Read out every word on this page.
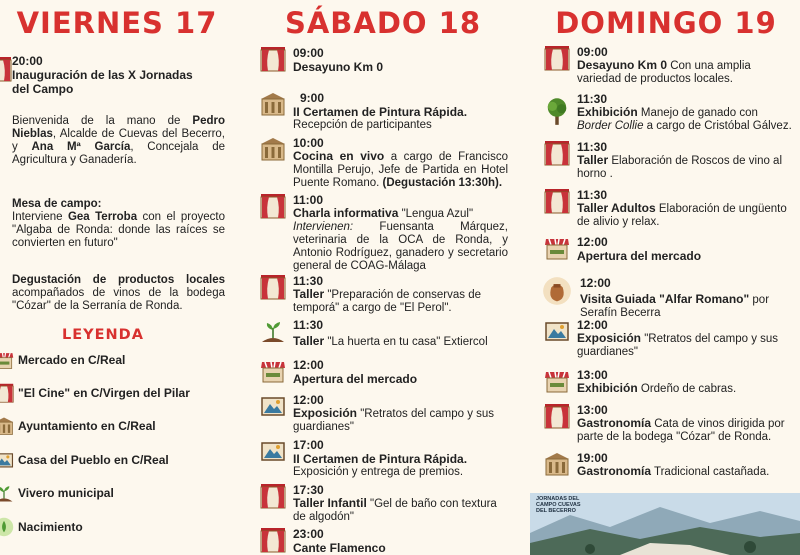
VIERNES 17
20:00
Inauguración de las X Jornadas del Campo
Bienvenida de la mano de Pedro Nieblas, Alcalde de Cuevas del Becerro, y Ana Mª García, Concejala de Agricultura y Ganadería.
Mesa de campo:
Interviene Gea Terroba con el proyecto "Algaba de Ronda: donde las raíces se convierten en futuro"
Degustación de productos locales acompañados de vinos de la bodega "Cózar" de la Serranía de Ronda.
LEYENDA
Mercado en C/Real
"El Cine" en C/Virgen del Pilar
Ayuntamiento en C/Real
Casa del Pueblo en C/Real
Vivero municipal
Nacimiento
SÁBADO 18
09:00
Desayuno Km 0
9:00
II Certamen de Pintura Rápida.
Recepción de participantes
10:00
Cocina en vivo a cargo de Francisco Montilla Perujo, Jefe de Partida en Hotel Puente Romano. (Degustación 13:30h).
11:00
Charla informativa "Lengua Azul"
Intervienen: Fuensanta Márquez, veterinaria de la OCA de Ronda, y Antonio Rodríguez, ganadero y secretario general de COAG-Málaga
11:30
Taller "Preparación de conservas de temporá" a cargo de "El Perol".
11:30
Taller "La huerta en tu casa" Extiercol
12:00
Apertura del mercado
12:00
Exposición "Retratos del campo y sus guardianes"
17:00
II Certamen de Pintura Rápida.
Exposición y entrega de premios.
17:30
Taller Infantil "Gel de baño con textura de algodón"
23:00
Cante Flamenco
DOMINGO 19
09:00
Desayuno Km 0 Con una amplia variedad de productos locales.
11:30
Exhibición Manejo de ganado con Border Collie a cargo de Cristóbal Gálvez.
11:30
Taller Elaboración de Roscos de vino al horno .
11:30
Taller Adultos Elaboración de ungüento de alivio y relax.
12:00
Apertura del mercado
12:00
Visita Guiada "Alfar Romano" por Serafín Becerra
12:00
Exposición "Retratos del campo y sus guardianes"
13:00
Exhibición Ordeño de cabras.
13:00
Gastronomía Cata de vinos dirigida por parte de la bodega "Cózar" de Ronda.
19:00
Gastronomía Tradicional castañada.
JORNADAS DEL CAMPO CUEVAS DEL BECERRO
